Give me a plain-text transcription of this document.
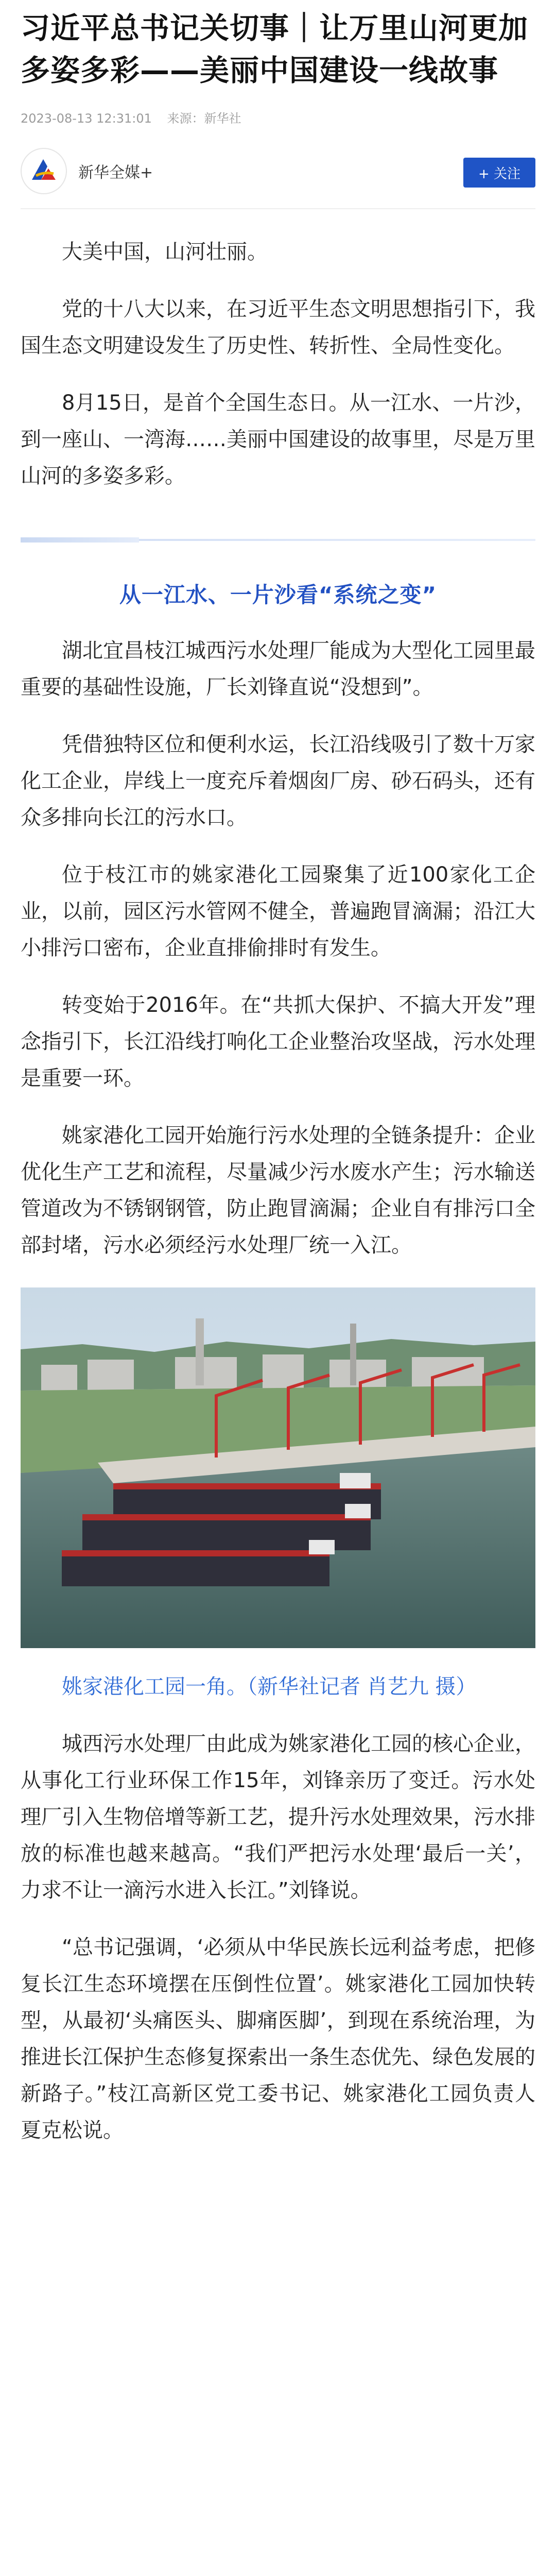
习近平总书记关切事｜让万里山河更加多姿多彩——美丽中国建设一线故事
2023-08-13 12:31:01 来源：新华社
新华全媒+	+ 关注

大美中国，山河壮丽。

党的十八大以来，在习近平生态文明思想指引下，我国生态文明建设发生了历史性、转折性、全局性变化。

8月15日，是首个全国生态日。从一江水、一片沙，到一座山、一湾海……美丽中国建设的故事里，尽是万里山河的多姿多彩。

从一江水、一片沙看“系统之变”

湖北宜昌枝江城西污水处理厂能成为大型化工园里最重要的基础性设施，厂长刘锋直说“没想到”。

凭借独特区位和便利水运，长江沿线吸引了数十万家化工企业，岸线上一度充斥着烟囱厂房、砂石码头，还有众多排向长江的污水口。

位于枝江市的姚家港化工园聚集了近100家化工企业，以前，园区污水管网不健全，普遍跑冒滴漏；沿江大小排污口密布，企业直排偷排时有发生。

转变始于2016年。在“共抓大保护、不搞大开发”理念指引下，长江沿线打响化工企业整治攻坚战，污水处理是重要一环。

姚家港化工园开始施行污水处理的全链条提升：企业优化生产工艺和流程，尽量减少污水废水产生；污水输送管道改为不锈钢钢管，防止跑冒滴漏；企业自有排污口全部封堵，污水必须经污水处理厂统一入江。

姚家港化工园一角。（新华社记者 肖艺九 摄）

城西污水处理厂由此成为姚家港化工园的核心企业，从事化工行业环保工作15年，刘锋亲历了变迁。污水处理厂引入生物倍增等新工艺，提升污水处理效果，污水排放的标准也越来越高。“我们严把污水处理‘最后一关’，力求不让一滴污水进入长江。”刘锋说。

“总书记强调，‘必须从中华民族长远利益考虑，把修复长江生态环境摆在压倒性位置’。姚家港化工园加快转型，从最初‘头痛医头、脚痛医脚’，到现在系统治理，为推进长江保护生态修复探索出一条生态优先、绿色发展的新路子。”枝江高新区党工委书记、姚家港化工园负责人夏克松说。
